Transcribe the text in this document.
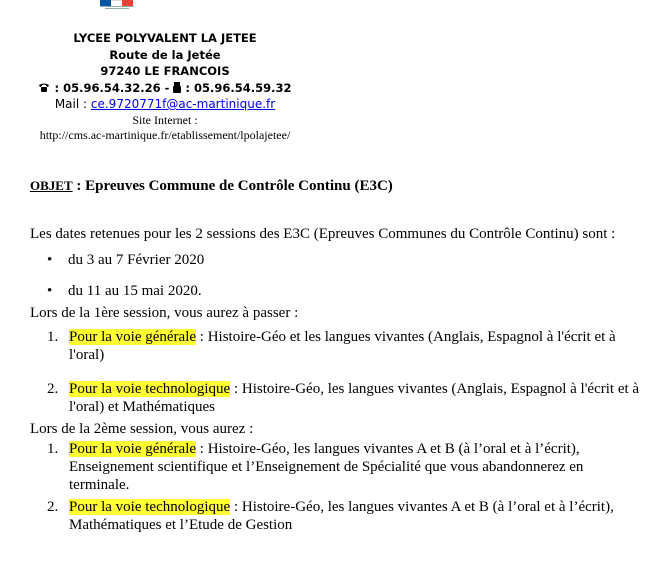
LYCEE POLYVALENT LA JETEE
Route de la Jetée
97240 LE FRANCOIS
: 05.96.54.32.26 - : 05.96.54.59.32
Mail : ce.9720771f@ac-martinique.fr
Site Internet :
http://cms.ac-martinique.fr/etablissement/lpolajetee/
OBJET : Epreuves Commune de Contrôle Continu (E3C)

Les dates retenues pour les 2 sessions des E3C (Epreuves Communes du Contrôle Continu) sont :

• du 3 au 7 Février 2020
• du 11 au 15 mai 2020.

Lors de la 1ère session, vous aurez à passer :

1. Pour la voie générale : Histoire-Géo et les langues vivantes (Anglais, Espagnol à l'écrit et à l'oral)
2. Pour la voie technologique : Histoire-Géo, les langues vivantes (Anglais, Espagnol à l'écrit et à l'oral) et Mathématiques

Lors de la 2ème session, vous aurez :

1. Pour la voie générale : Histoire-Géo, les langues vivantes A et B (à l’oral et à l’écrit), Enseignement scientifique et l’Enseignement de Spécialité que vous abandonnerez en terminale.
2. Pour la voie technologique : Histoire-Géo, les langues vivantes A et B (à l’oral et à l’écrit), Mathématiques et l’Etude de Gestion
